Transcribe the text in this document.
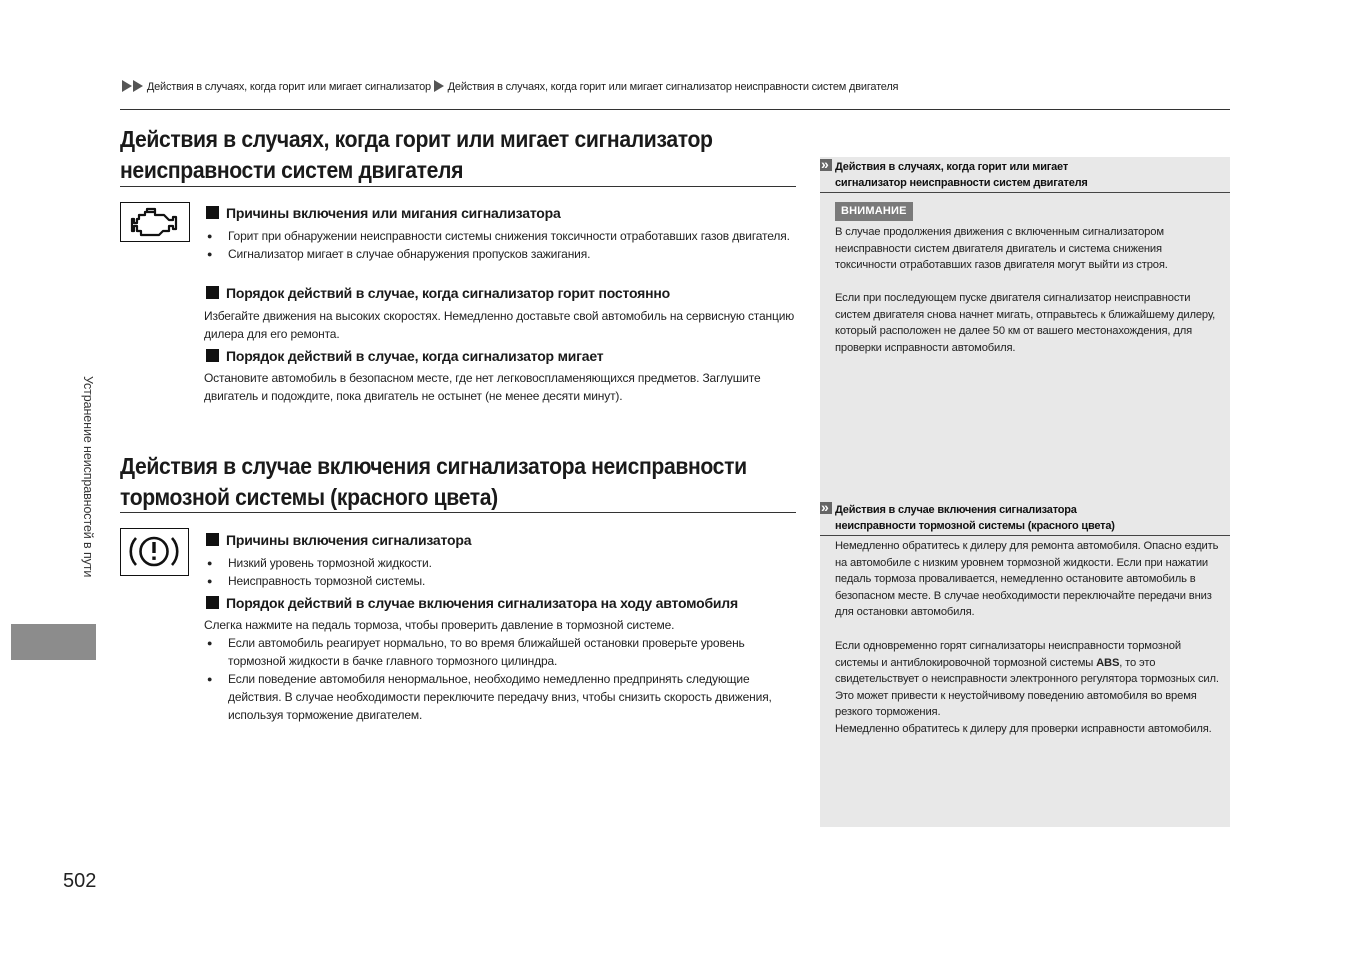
Действия в случаях, когда горит или мигает сигнализатор Действия в случаях, когда горит или мигает сигнализатор неисправности систем двигателя
Действия в случаях, когда горит или мигает сигнализатор
неисправности систем двигателя
Причины включения или мигания сигнализатора
● Горит при обнаружении неисправности системы снижения токсичности отработавших газов двигателя.
● Сигнализатор мигает в случае обнаружения пропусков зажигания.
Порядок действий в случае, когда сигнализатор горит постоянно
Избегайте движения на высоких скоростях. Немедленно доставьте свой автомобиль на сервисную станцию дилера для его ремонта.
Порядок действий в случае, когда сигнализатор мигает
Остановите автомобиль в безопасном месте, где нет легковоспламеняющихся предметов. Заглушите двигатель и подождите, пока двигатель не остынет (не менее десяти минут).
Действия в случае включения сигнализатора неисправности
тормозной системы (красного цвета)
Причины включения сигнализатора
● Низкий уровень тормозной жидкости.
● Неисправность тормозной системы.
Порядок действий в случае включения сигнализатора на ходу автомобиля
Слегка нажмите на педаль тормоза, чтобы проверить давление в тормозной системе.
● Если автомобиль реагирует нормально, то во время ближайшей остановки проверьте уровень тормозной жидкости в бачке главного тормозного цилиндра.
● Если поведение автомобиля ненормальное, необходимо немедленно предпринять следующие действия. В случае необходимости переключите передачу вниз, чтобы снизить скорость движения, используя торможение двигателем.
»Действия в случаях, когда горит или мигает
сигнализатор неисправности систем двигателя
ВНИМАНИЕ
В случае продолжения движения с включенным сигнализатором неисправности систем двигателя двигатель и система снижения токсичности отработавших газов двигателя могут выйти из строя.
Если при последующем пуске двигателя сигнализатор неисправности систем двигателя снова начнет мигать, отправьтесь к ближайшему дилеру, который расположен не далее 50 км от вашего местонахождения, для проверки исправности автомобиля.
»Действия в случае включения сигнализатора
неисправности тормозной системы (красного цвета)
Немедленно обратитесь к дилеру для ремонта автомобиля. Опасно ездить на автомобиле с низким уровнем тормозной жидкости. Если при нажатии педаль тормоза проваливается, немедленно остановите автомобиль в безопасном месте. В случае необходимости переключайте передачи вниз для остановки автомобиля.
Если одновременно горят сигнализаторы неисправности тормозной системы и антиблокировочной тормозной системы ABS, то это свидетельствует о неисправности электронного регулятора тормозных сил. Это может привести к неустойчивому поведению автомобиля во время резкого торможения.
Немедленно обратитесь к дилеру для проверки исправности автомобиля.
Устранение неисправностей в пути
502
